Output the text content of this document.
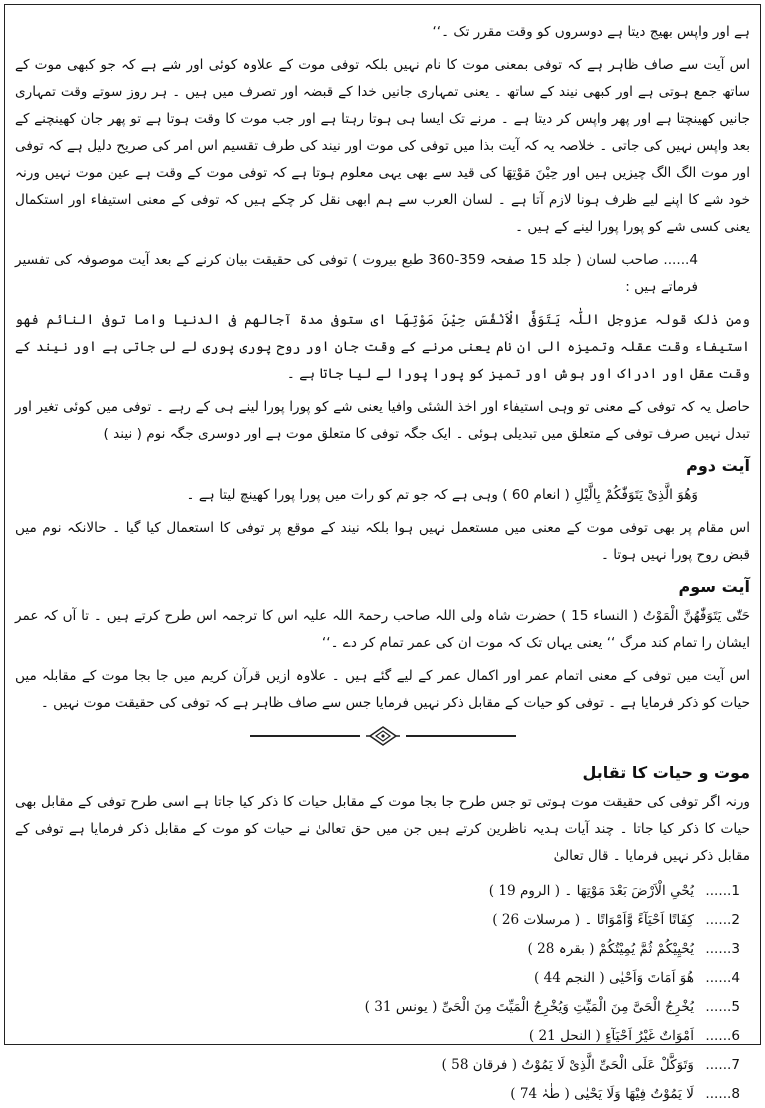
ہے اور واپس بھیج دیتا ہے دوسروں کو وقت مقرر تک ۔‘‘

اس آیت سے صاف ظاہر ہے کہ توفی بمعنی موت کا نام نہیں بلکہ توفی موت کے علاوہ کوئی اور شے ہے کہ جو کبھی موت کے ساتھ جمع ہوتی ہے اور کبھی نیند کے ساتھ ۔ یعنی تمہاری جانیں خدا کے قبضہ اور تصرف میں ہیں ۔ ہر روز سوتے وقت تمہاری جانیں کھینچتا ہے اور پھر واپس کر دیتا ہے ۔ مرنے تک ایسا ہی ہوتا رہتا ہے اور جب موت کا وقت ہوتا ہے تو پھر جان کھینچنے کے بعد واپس نہیں کی جاتی ۔ خلاصہ یہ کہ آیت بذا میں توفی کی موت اور نیند کی طرف تقسیم اس امر کی صریح دلیل ہے کہ توفی اور موت الگ الگ چیزیں ہیں اور حِیْنَ مَوْتِھَا کی قید سے بھی یہی معلوم ہوتا ہے کہ توفی موت کے وقت ہے عین موت نہیں ورنہ خود شے کا اپنے لیے ظرف ہونا لازم آتا ہے ۔ لسان العرب سے ہم ابھی نقل کر چکے ہیں کہ توفی کے معنی استیفاء اور استکمال یعنی کسی شے کو پورا پورا لینے کے ہیں ۔

4...... صاحب لسان ( جلد 15 صفحہ 359-360 طبع بیروت ) توفی کی حقیقت بیان کرنے کے بعد آیت موصوفہ کی تفسیر فرماتے ہیں :

ومن ذلک قولہ عزوجل اللّٰہ یَتَوَفَّی الْاَنْفُسَ حِیْنَ مَوْتِھَا ای ستوفی مدۃ آجالھم فی الدنیا واما توفی النائم فھو استیفاء وقت عقلہ وتمیزہ الی ان نام یعنی مرنے کے وقت جان اور روح پوری پوری لے لی جاتی ہے اور نیند کے وقت عقل اور ادراک اور ہوش اور تمیز کو پورا پورا لے لیا جاتا ہے ۔

حاصل یہ کہ توفی کے معنی تو وہی استیفاء اور اخذ الشئی وافیا یعنی شے کو پورا پورا لینے ہی کے رہے ۔ توفی میں کوئی تغیر اور تبدل نہیں صرف توفی کے متعلق میں تبدیلی ہوئی ۔ ایک جگہ توفی کا متعلق موت ہے اور دوسری جگہ نوم ( نیند )

آیت دوم

وَھُوَ الَّذِیْ یَتَوَفّٰکُمْ بِالَّیْلِ ( انعام 60 ) وہی ہے کہ جو تم کو رات میں پورا پورا کھینچ لیتا ہے ۔

اس مقام پر بھی توفی موت کے معنی میں مستعمل نہیں ہوا بلکہ نیند کے موقع پر توفی کا استعمال کیا گیا ۔ حالانکہ نوم میں قبض روح پورا نہیں ہوتا ۔

آیت سوم

حَتّٰی یَتَوَفّٰھُنَّ الْمَوْتُ ( النساء 15 ) حضرت شاہ ولی اللہ صاحب رحمۃ اللہ علیہ اس کا ترجمہ اس طرح کرتے ہیں ۔ تا آں کہ عمر ایشان را تمام کند مرگ ‘‘ یعنی یہاں تک کہ موت ان کی عمر تمام کر دے ۔‘‘

اس آیت میں توفی کے معنی اتمام عمر اور اکمال عمر کے لیے گئے ہیں ۔ علاوہ ازیں قرآن کریم میں جا بجا موت کے مقابلہ میں حیات کو ذکر فرمایا ہے ۔ توفی کو حیات کے مقابل ذکر نہیں فرمایا جس سے صاف ظاہر ہے کہ توفی کی حقیقت موت نہیں ۔

موت و حیات کا تقابل

ورنہ اگر توفی کی حقیقت موت ہوتی تو جس طرح جا بجا موت کے مقابل حیات کا ذکر کیا جاتا ہے اسی طرح توفی کے مقابل بھی حیات کا ذکر کیا جاتا ۔ چند آیات ہدیہ ناظرین کرتے ہیں جن میں حق تعالیٰ نے حیات کو موت کے مقابل ذکر فرمایا ہے توفی کے مقابل ذکر نہیں فرمایا ۔ قال تعالیٰ

1......
یُحْیِ الْاَرْضَ بَعْدَ مَوْتِھَا ۔ ( الروم 19 )
2......
کِفَاتًا اَحْیَآءً وَّاَمْوَاتًا ۔ ( مرسلات 26 )
3......
یُحْیِیْکُمْ ثُمَّ یُمِیْتُکُمْ ( بقرہ 28 )
4......
ھُوَ اَمَاتَ وَاَحْیٰی ( النجم 44 )
5......
یُخْرِجُ الْحَیَّ مِنَ الْمَیِّتِ وَیُخْرِجُ الْمَیِّتَ مِنَ الْحَیِّ ( یونس 31 )
6......
اَمْوَاتٌ غَیْرُ اَحْیَآءٍ ( النحل 21 )
7......
وَتَوَکَّلْ عَلَی الْحَیِّ الَّذِیْ لَا یَمُوْتُ ( فرقان 58 )
8......
لَا یَمُوْتُ فِیْھَا وَلَا یَحْیٰی ( طٰہٰ 74 )
